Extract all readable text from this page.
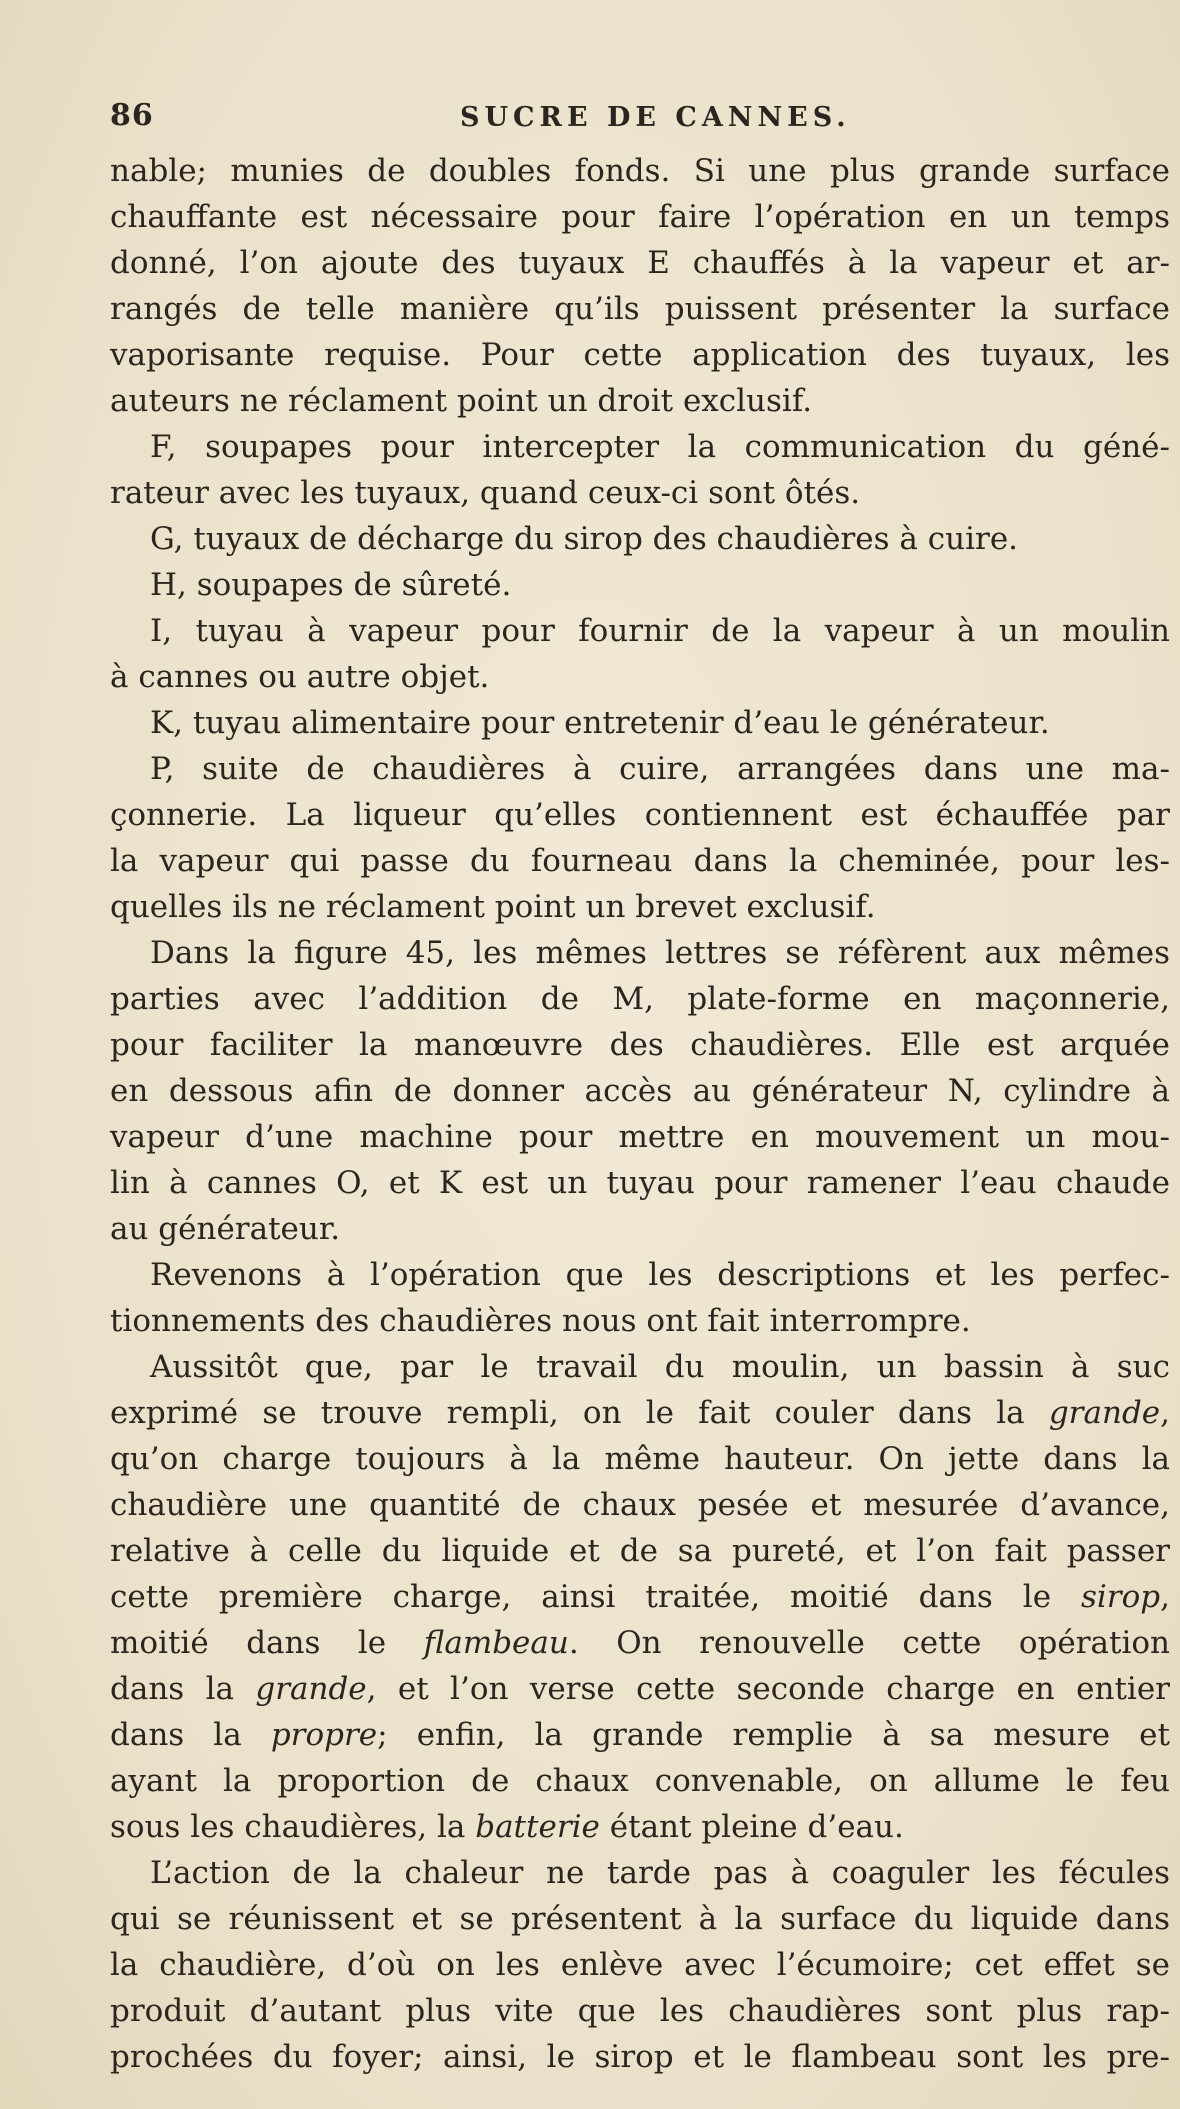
86	SUCRE DE CANNES.
nable; munies de doubles fonds. Si une plus grande surface
chauffante est nécessaire pour faire l’opération en un temps
donné, l’on ajoute des tuyaux E chauffés à la vapeur et ar-
rangés de telle manière qu’ils puissent présenter la surface
vaporisante requise. Pour cette application des tuyaux, les
auteurs ne réclament point un droit exclusif.
F, soupapes pour intercepter la communication du géné-
rateur avec les tuyaux, quand ceux-ci sont ôtés.
G, tuyaux de décharge du sirop des chaudières à cuire.
H, soupapes de sûreté.
I, tuyau à vapeur pour fournir de la vapeur à un moulin
à cannes ou autre objet.
K, tuyau alimentaire pour entretenir d’eau le générateur.
P, suite de chaudières à cuire, arrangées dans une ma-
çonnerie. La liqueur qu’elles contiennent est échauffée par
la vapeur qui passe du fourneau dans la cheminée, pour les-
quelles ils ne réclament point un brevet exclusif.
Dans la figure 45, les mêmes lettres se réfèrent aux mêmes
parties avec l’addition de M, plate-forme en maçonnerie,
pour faciliter la manœuvre des chaudières. Elle est arquée
en dessous afin de donner accès au générateur N, cylindre à
vapeur d’une machine pour mettre en mouvement un mou-
lin à cannes O, et K est un tuyau pour ramener l’eau chaude
au générateur.
Revenons à l’opération que les descriptions et les perfec-
tionnements des chaudières nous ont fait interrompre.
Aussitôt que, par le travail du moulin, un bassin à suc
exprimé se trouve rempli, on le fait couler dans la grande,
qu’on charge toujours à la même hauteur. On jette dans la
chaudière une quantité de chaux pesée et mesurée d’avance,
relative à celle du liquide et de sa pureté, et l’on fait passer
cette première charge, ainsi traitée, moitié dans le sirop,
moitié dans le flambeau. On renouvelle cette opération
dans la grande, et l’on verse cette seconde charge en entier
dans la propre; enfin, la grande remplie à sa mesure et
ayant la proportion de chaux convenable, on allume le feu
sous les chaudières, la batterie étant pleine d’eau.
L’action de la chaleur ne tarde pas à coaguler les fécules
qui se réunissent et se présentent à la surface du liquide dans
la chaudière, d’où on les enlève avec l’écumoire; cet effet se
produit d’autant plus vite que les chaudières sont plus rap-
prochées du foyer; ainsi, le sirop et le flambeau sont les pre-
